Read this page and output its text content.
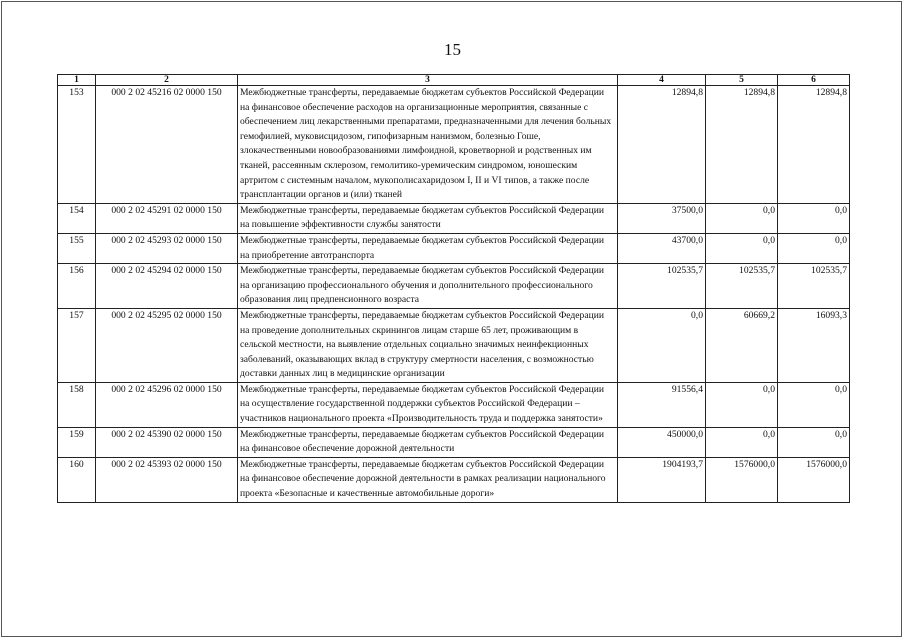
15
1	2	3	4	5	6
153	000 2 02 45216 02 0000 150	Межбюджетные трансферты, передаваемые бюджетам субъектов Российской Федерации на финансовое обеспечение расходов на организационные мероприятия, связанные с обеспечением лиц лекарственными препаратами, предназначенными для лечения больных гемофилией, муковисцидозом, гипофизарным нанизмом, болезнью Гоше, злокачественными новообразованиями лимфоидной, кроветворной и родственных им тканей, рассеянным склерозом, гемолитико-уремическим синдромом, юношеским артритом с системным началом, мукополисахаридозом I, II и VI типов, а также после трансплантации органов и (или) тканей	12894,8	12894,8	12894,8
154	000 2 02 45291 02 0000 150	Межбюджетные трансферты, передаваемые бюджетам субъектов Российской Федерации на повышение эффективности службы занятости	37500,0	0,0	0,0
155	000 2 02 45293 02 0000 150	Межбюджетные трансферты, передаваемые бюджетам субъектов Российской Федерации на приобретение автотранспорта	43700,0	0,0	0,0
156	000 2 02 45294 02 0000 150	Межбюджетные трансферты, передаваемые бюджетам субъектов Российской Федерации на организацию профессионального обучения и дополнительного профессионального образования лиц предпенсионного возраста	102535,7	102535,7	102535,7
157	000 2 02 45295 02 0000 150	Межбюджетные трансферты, передаваемые бюджетам субъектов Российской Федерации на проведение дополнительных скринингов лицам старше 65 лет, проживающим в сельской местности, на выявление отдельных социально значимых неинфекционных заболеваний, оказывающих вклад в структуру смертности населения, с возможностью доставки данных лиц в медицинские организации	0,0	60669,2	16093,3
158	000 2 02 45296 02 0000 150	Межбюджетные трансферты, передаваемые бюджетам субъектов Российской Федерации на осуществление государственной поддержки субъектов Российской Федерации – участников национального проекта «Производительность труда и поддержка занятости»	91556,4	0,0	0,0
159	000 2 02 45390 02 0000 150	Межбюджетные трансферты, передаваемые бюджетам субъектов Российской Федерации на финансовое обеспечение дорожной деятельности	450000,0	0,0	0,0
160	000 2 02 45393 02 0000 150	Межбюджетные трансферты, передаваемые бюджетам субъектов Российской Федерации на финансовое обеспечение дорожной деятельности в рамках реализации национального проекта «Безопасные и качественные автомобильные дороги»	1904193,7	1576000,0	1576000,0
